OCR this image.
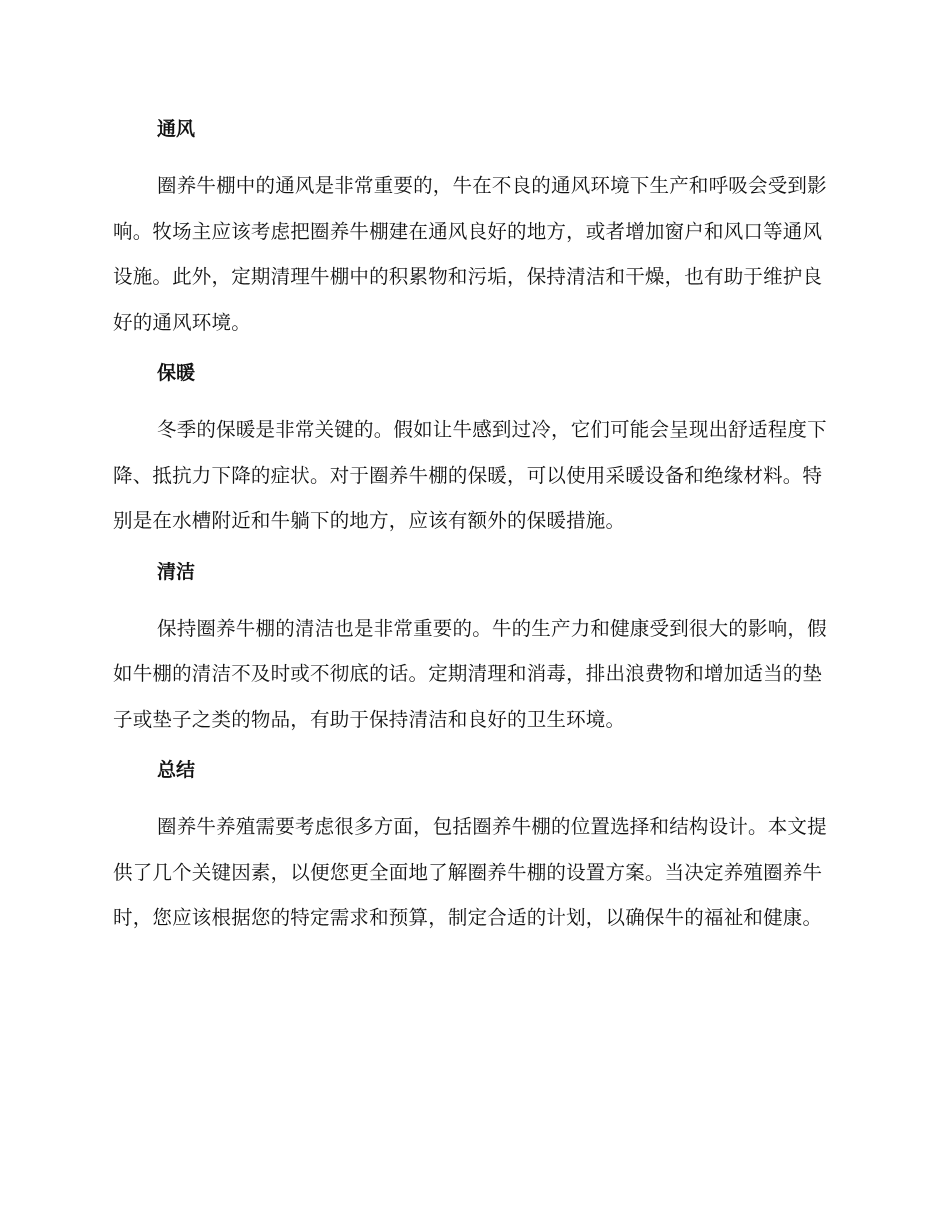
通风

圈养牛棚中的通风是非常重要的，牛在不良的通风环境下生产和呼吸会受到影响。牧场主应该考虑把圈养牛棚建在通风良好的地方，或者增加窗户和风口等通风设施。此外，定期清理牛棚中的积累物和污垢，保持清洁和干燥，也有助于维护良好的通风环境。

保暖

冬季的保暖是非常关键的。假如让牛感到过冷，它们可能会呈现出舒适程度下降、抵抗力下降的症状。对于圈养牛棚的保暖，可以使用采暖设备和绝缘材料。特别是在水槽附近和牛躺下的地方，应该有额外的保暖措施。

清洁

保持圈养牛棚的清洁也是非常重要的。牛的生产力和健康受到很大的影响，假如牛棚的清洁不及时或不彻底的话。定期清理和消毒，排出浪费物和增加适当的垫子或垫子之类的物品，有助于保持清洁和良好的卫生环境。

总结

圈养牛养殖需要考虑很多方面，包括圈养牛棚的位置选择和结构设计。本文提供了几个关键因素，以便您更全面地了解圈养牛棚的设置方案。当决定养殖圈养牛时，您应该根据您的特定需求和预算，制定合适的计划，以确保牛的福祉和健康。
